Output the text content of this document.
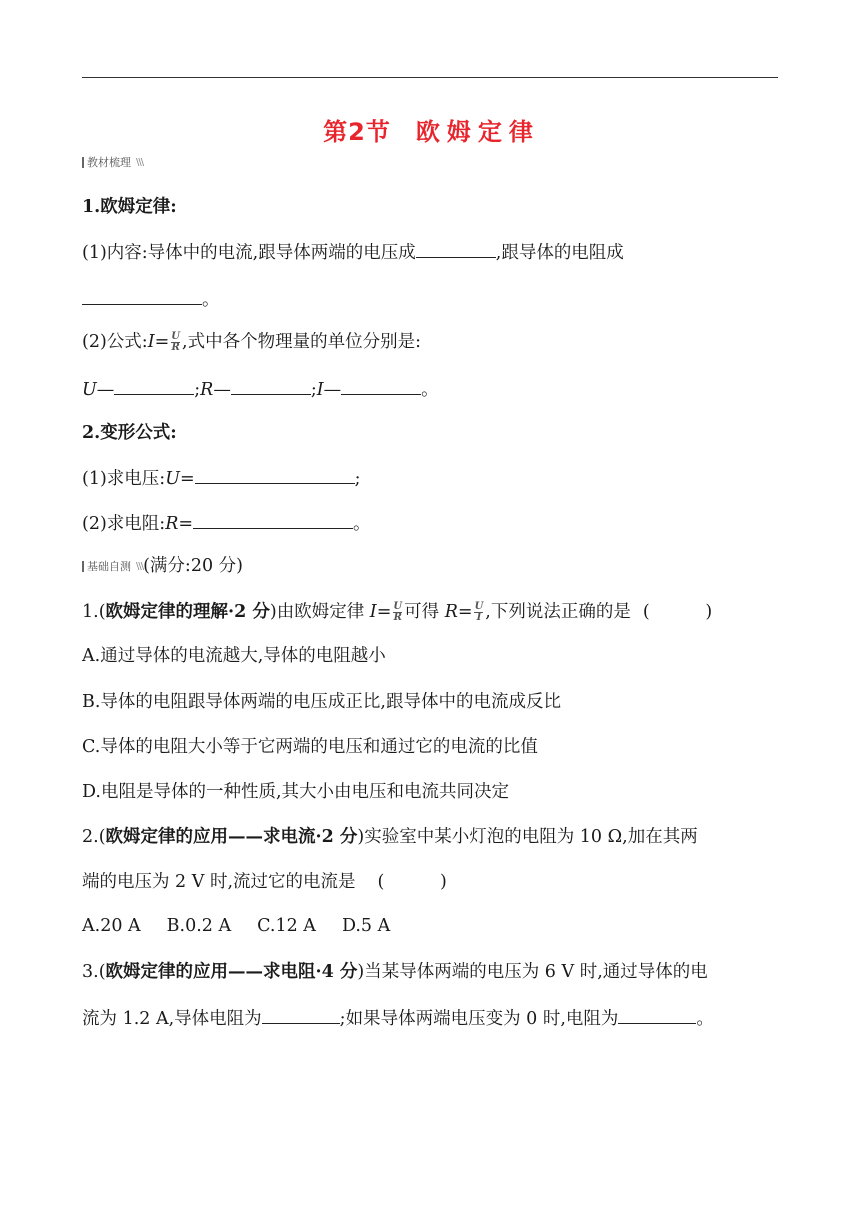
第2节 欧 姆 定 律
教材梳理 \\\
1.欧姆定律:
(1)内容:导体中的电流,跟导体两端的电压成	,跟导体的电阻成
。
(2)公式:I= $\frac{U}{R}$ ,式中各个物理量的单位分别是:
U—	;R—	;I—	。
2.变形公式:
(1)求电压:U=	;
(2)求电阻:R=	。
基础自测 \\\ (满分:20 分)
1.(欧姆定律的理解·2 分)由欧姆定律 $I= \frac{U}{R}$ 可得 $R= \frac{U}{I}$ ,下列说法正确的是 (          )
A.通过导体的电流越大,导体的电阻越小
B.导体的电阻跟导体两端的电压成正比,跟导体中的电流成反比
C.导体的电阻大小等于它两端的电压和通过它的电流的比值
D.电阻是导体的一种性质,其大小由电压和电流共同决定
2.(欧姆定律的应用——求电流·2 分)实验室中某小灯泡的电阻为 10 Ω,加在其两
端的电压为 2 V 时,流过它的电流是 (          )
A.20 A B.0.2 A C.12 A D.5 A
3.(欧姆定律的应用——求电阻·4 分)当某导体两端的电压为 6 V 时,通过导体的电
流为 1.2 A,导体电阻为	;如果导体两端电压变为 0 时,电阻为	。
